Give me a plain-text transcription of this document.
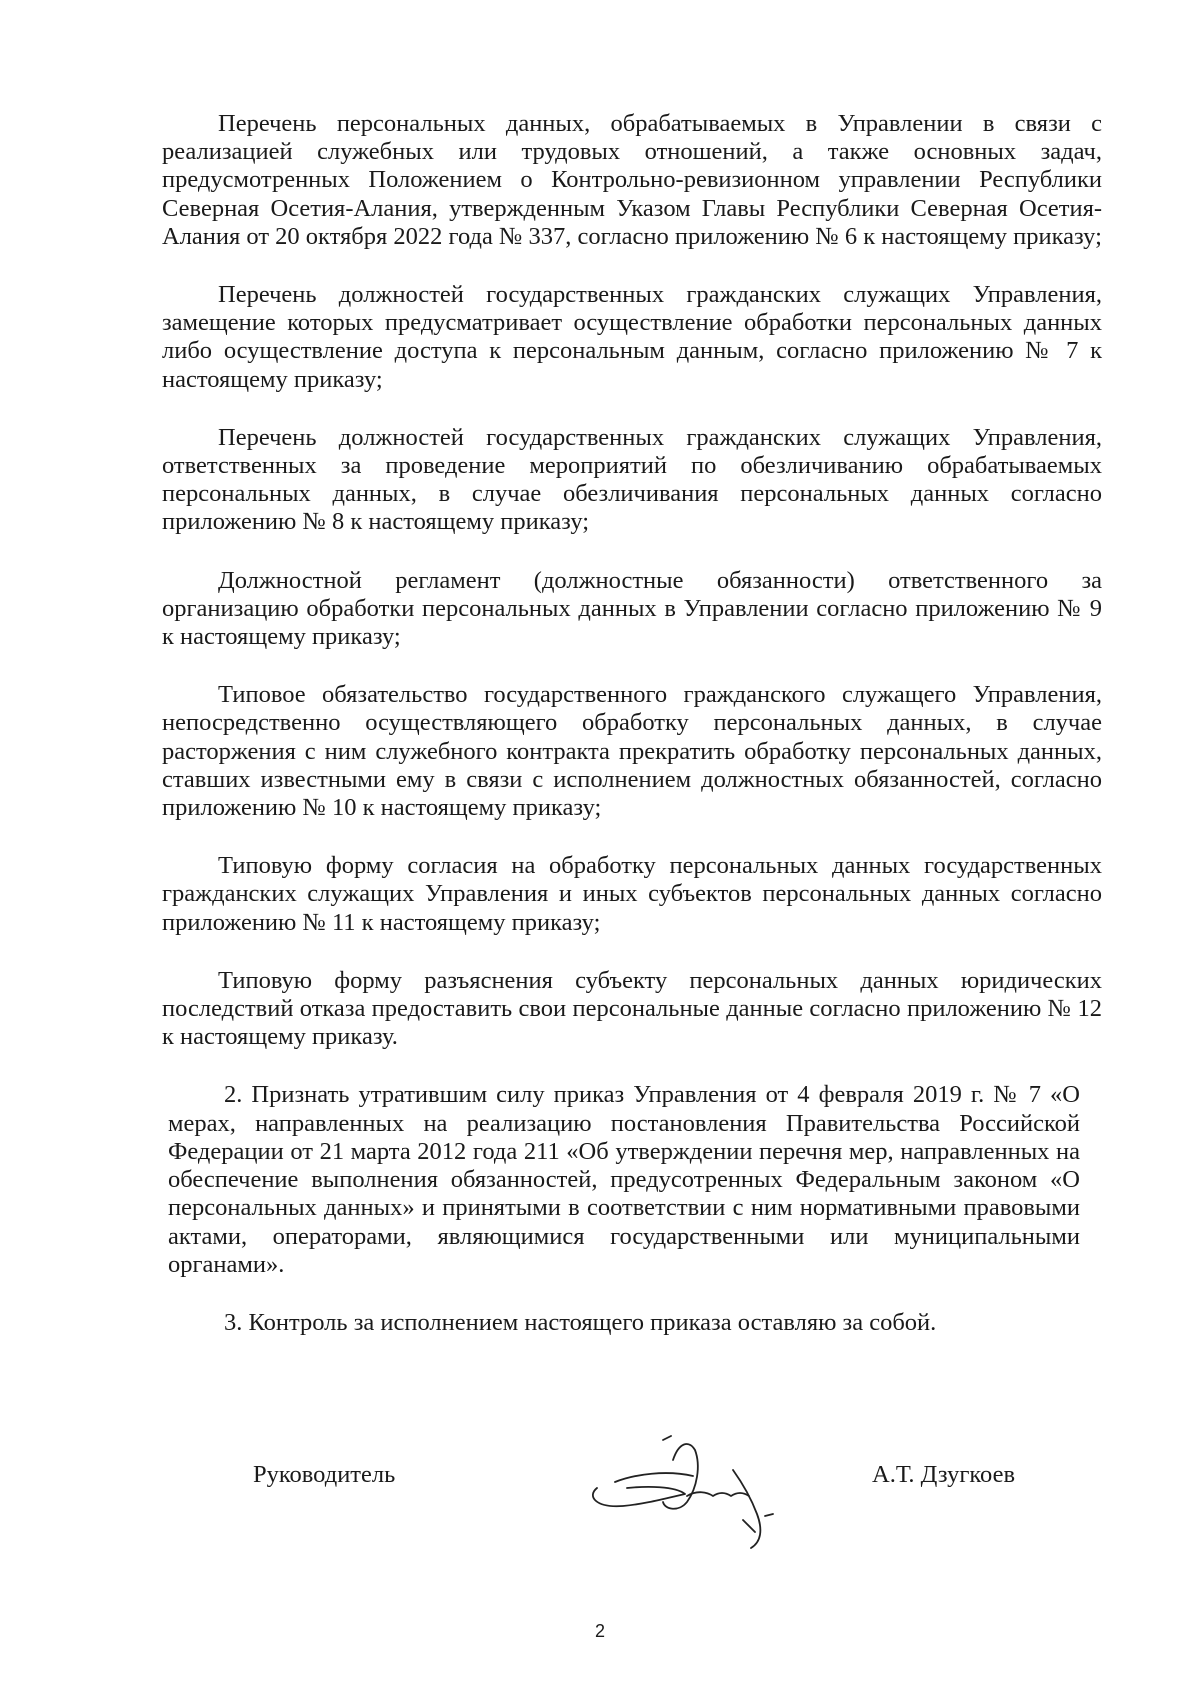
Перечень персональных данных, обрабатываемых в Управлении в связи с реализацией служебных или трудовых отношений, а также основных задач, предусмотренных Положением о Контрольно-ревизионном управлении Республики Северная Осетия-Алания, утвержденным Указом Главы Республики Северная Осетия-Алания от 20 октября 2022 года № 337, согласно приложению № 6 к настоящему приказу;

Перечень должностей государственных гражданских служащих Управления, замещение которых предусматривает осуществление обработки персональных данных либо осуществление доступа к персональным данным, согласно приложению № 7 к настоящему приказу;

Перечень должностей государственных гражданских служащих Управления, ответственных за проведение мероприятий по обезличиванию обрабатываемых персональных данных, в случае обезличивания персональных данных согласно приложению № 8 к настоящему приказу;

Должностной регламент (должностные обязанности) ответственного за организацию обработки персональных данных в Управлении согласно приложению № 9 к настоящему приказу;

Типовое обязательство государственного гражданского служащего Управления, непосредственно осуществляющего обработку персональных данных, в случае расторжения с ним служебного контракта прекратить обработку персональных данных, ставших известными ему в связи с исполнением должностных обязанностей, согласно приложению № 10 к настоящему приказу;

Типовую форму согласия на обработку персональных данных государственных гражданских служащих Управления и иных субъектов персональных данных согласно приложению № 11 к настоящему приказу;

Типовую форму разъяснения субъекту персональных данных юридических последствий отказа предоставить свои персональные данные согласно приложению № 12 к настоящему приказу.

2. Признать утратившим силу приказ Управления от 4 февраля 2019 г. № 7 «О мерах, направленных на реализацию постановления Правительства Российской Федерации от 21 марта 2012 года 211 «Об утверждении перечня мер, направленных на обеспечение выполнения обязанностей, предусотренных Федеральным законом «О персональных данных» и принятыми в соответствии с ним нормативными правовыми актами, операторами, являющимися государственными или муниципальными органами».

3. Контроль за исполнением настоящего приказа оставляю за собой.

Руководитель	А.Т. Дзугкоев
2
